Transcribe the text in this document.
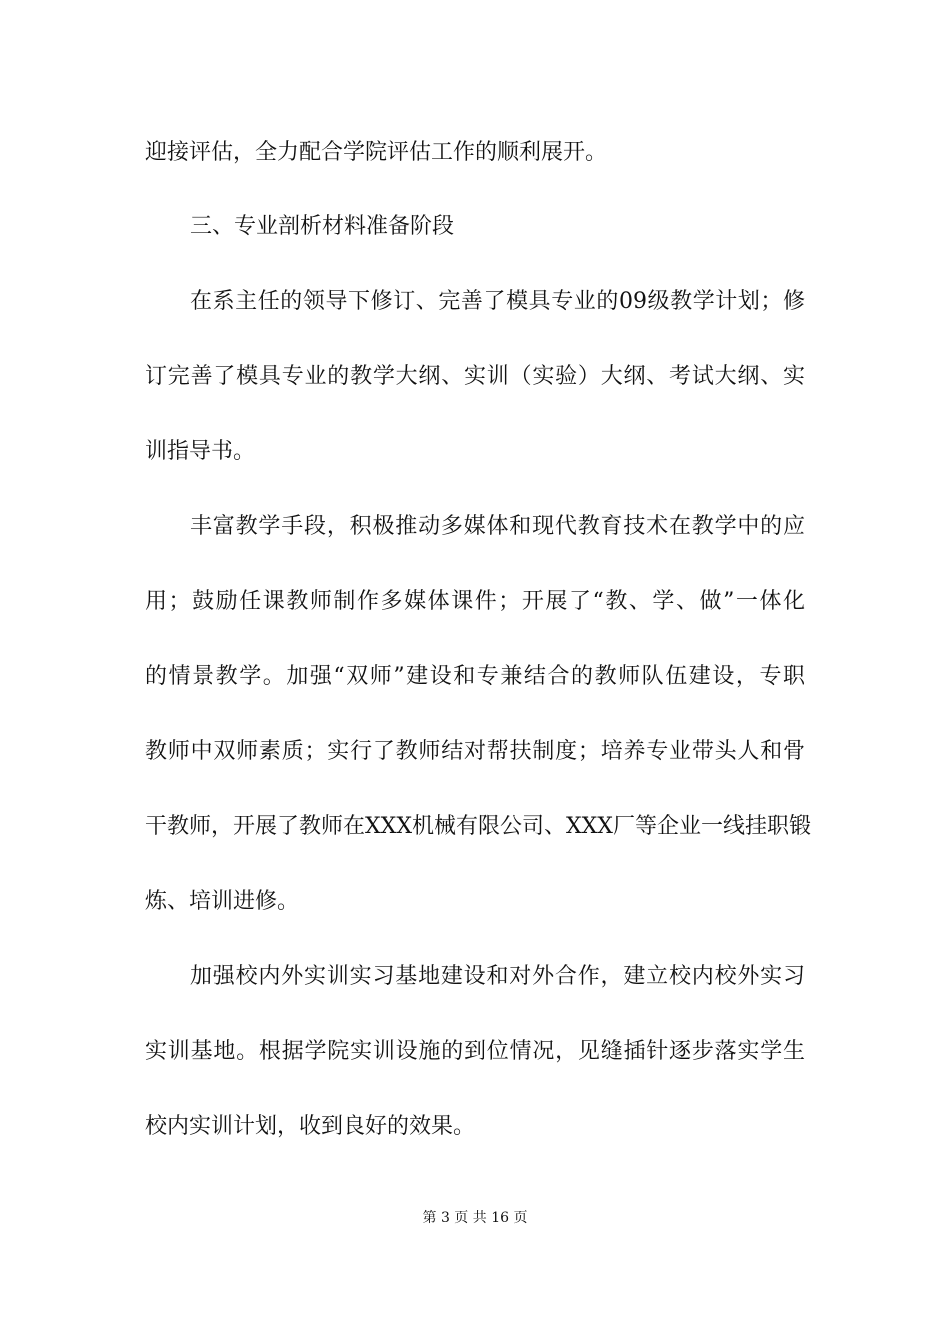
迎接评估，全力配合学院评估工作的顺利展开。
三、专业剖析材料准备阶段
在系主任的领导下修订、完善了模具专业的09级教学计划；修
订完善了模具专业的教学大纲、实训（实验）大纲、考试大纲、实
训指导书。
丰富教学手段，积极推动多媒体和现代教育技术在教学中的应
用；鼓励任课教师制作多媒体课件；开展了“教、学、做”一体化
的情景教学。加强“双师”建设和专兼结合的教师队伍建设，专职
教师中双师素质；实行了教师结对帮扶制度；培养专业带头人和骨
干教师，开展了教师在XXX机械有限公司、XXX厂等企业一线挂职锻
炼、培训进修。
加强校内外实训实习基地建设和对外合作，建立校内校外实习
实训基地。根据学院实训设施的到位情况，见缝插针逐步落实学生
校内实训计划，收到良好的效果。
第 3 页 共 16 页
